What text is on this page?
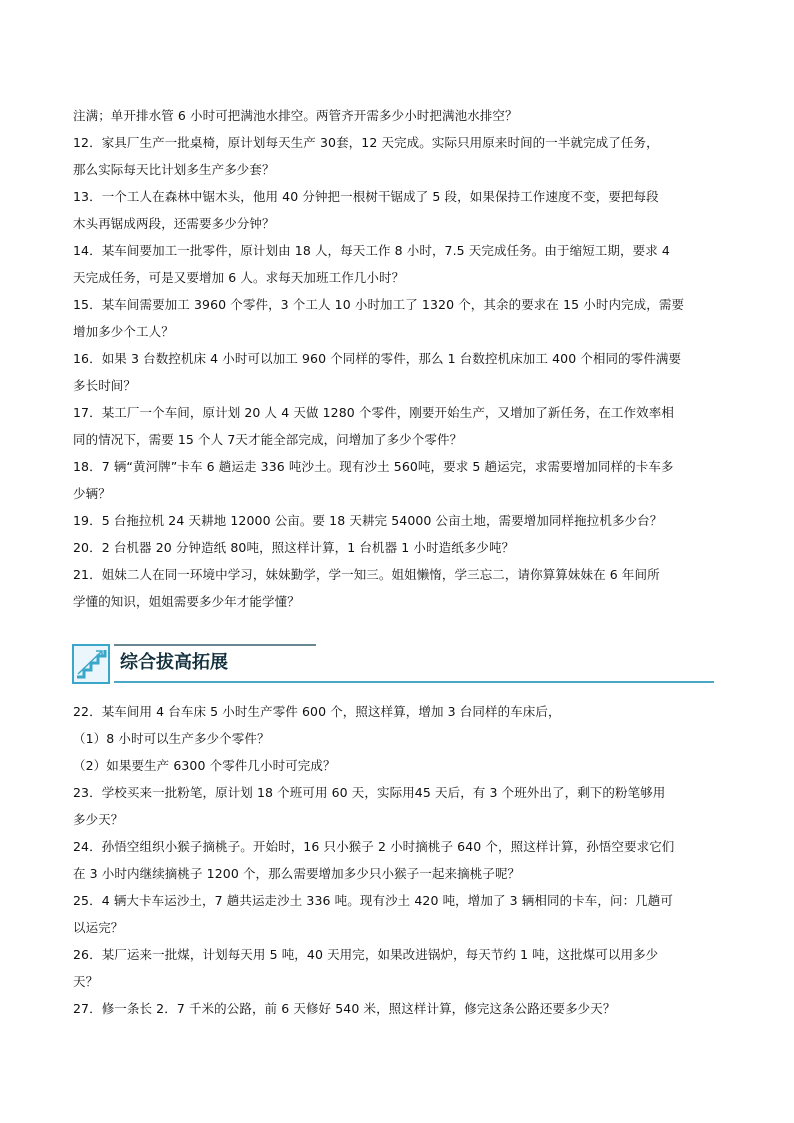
注满；单开排水管 6 小时可把满池水排空。两管齐开需多少小时把满池水排空？
12．家具厂生产一批桌椅，原计划每天生产 30套，12 天完成。实际只用原来时间的一半就完成了任务，
那么实际每天比计划多生产多少套？
13．一个工人在森林中锯木头，他用 40 分钟把一根树干锯成了 5 段，如果保持工作速度不变，要把每段
木头再锯成两段，还需要多少分钟？
14．某车间要加工一批零件，原计划由 18 人，每天工作 8 小时，7.5 天完成任务。由于缩短工期，要求 4
天完成任务，可是又要增加 6 人。求每天加班工作几小时？
15．某车间需要加工 3960 个零件，3 个工人 10 小时加工了 1320 个，其余的要求在 15 小时内完成，需要
增加多少个工人？
16．如果 3 台数控机床 4 小时可以加工 960 个同样的零件，那么 1 台数控机床加工 400 个相同的零件满要
多长时间？
17．某工厂一个车间，原计划 20 人 4 天做 1280 个零件，刚要开始生产，又增加了新任务，在工作效率相
同的情况下，需要 15 个人 7天才能全部完成，问增加了多少个零件？
18．7 辆“黄河牌”卡车 6 趟运走 336 吨沙土。现有沙土 560吨，要求 5 趟运完，求需要增加同样的卡车多
少辆？
19．5 台拖拉机 24 天耕地 12000 公亩。要 18 天耕完 54000 公亩土地，需要增加同样拖拉机多少台？
20．2 台机器 20 分钟造纸 80吨，照这样计算，1 台机器 1 小时造纸多少吨？
21．姐妹二人在同一环境中学习，妹妹勤学，学一知三。姐姐懒惰，学三忘二，请你算算妹妹在 6 年间所
学懂的知识，姐姐需要多少年才能学懂？
综合拔高拓展
22．某车间用 4 台车床 5 小时生产零件 600 个，照这样算，增加 3 台同样的车床后，
（1）8 小时可以生产多少个零件？
（2）如果要生产 6300 个零件几小时可完成？
23．学校买来一批粉笔，原计划 18 个班可用 60 天，实际用45 天后，有 3 个班外出了，剩下的粉笔够用
多少天？
24．孙悟空组织小猴子摘桃子。开始时，16 只小猴子 2 小时摘桃子 640 个，照这样计算，孙悟空要求它们
在 3 小时内继续摘桃子 1200 个，那么需要增加多少只小猴子一起来摘桃子呢？
25．4 辆大卡车运沙土，7 趟共运走沙土 336 吨。现有沙土 420 吨，增加了 3 辆相同的卡车，问：几趟可
以运完？
26．某厂运来一批煤，计划每天用 5 吨，40 天用完，如果改进锅炉，每天节约 1 吨，这批煤可以用多少
天？
27．修一条长 2．7 千米的公路，前 6 天修好 540 米，照这样计算，修完这条公路还要多少天？
